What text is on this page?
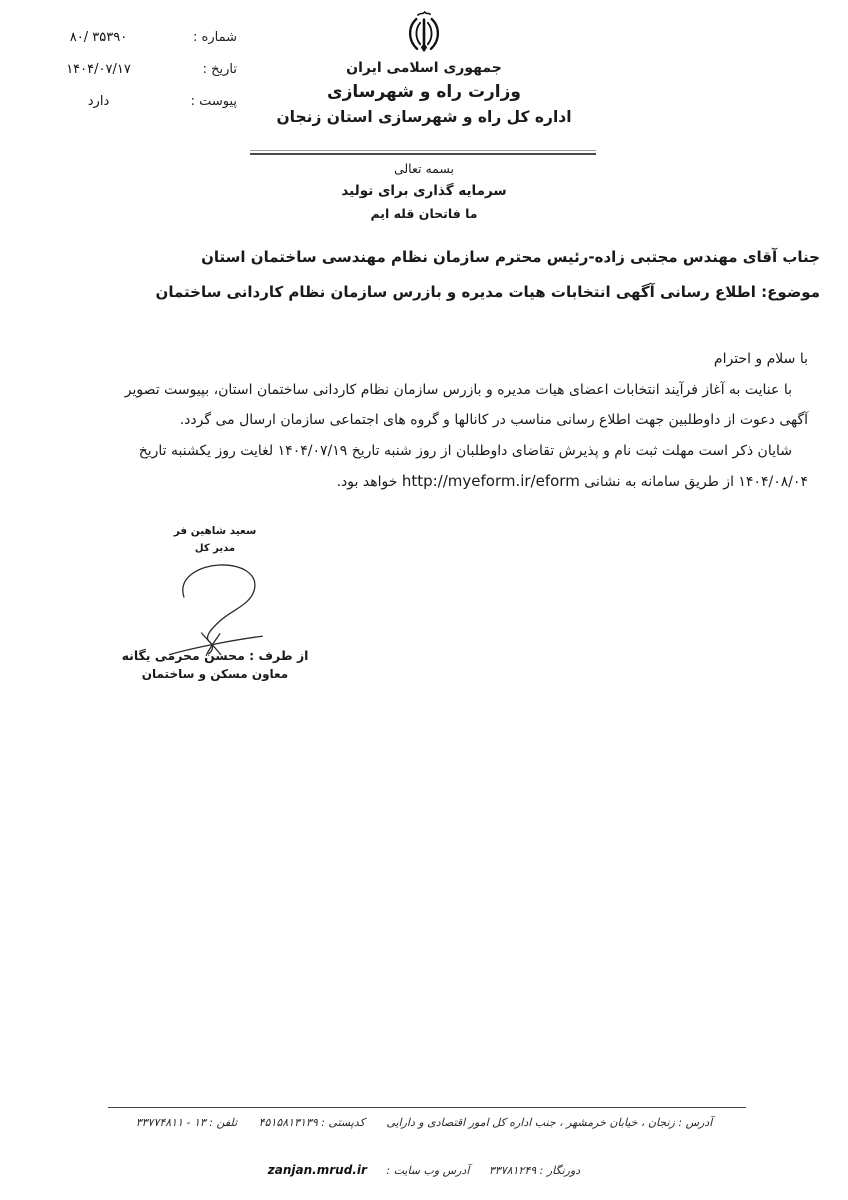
شماره :
۸۰/ ۳۵۳۹۰
تاریخ :
۱۴۰۴/۰۷/۱۷
پیوست :
دارد

جمهوری اسلامی ایران

وزارت راه و شهرسازی

اداره کل راه و شهرسازی استان زنجان

بسمه تعالی

سرمایه گذاری برای تولید

ما فاتحان قله ایم

جناب آقای مهندس مجتبی زاده-رئیس محترم سازمان نظام مهندسی ساختمان استان

موضوع: اطلاع رسانی آگهی انتخابات هیات مدیره و بازرس سازمان نظام کاردانی ساختمان

با سلام و احترام

با عنایت به آغاز فرآیند انتخابات اعضای هیات مدیره و بازرس سازمان نظام کاردانی ساختمان استان، بپیوست تصویر

آگهی دعوت از داوطلبین جهت اطلاع رسانی مناسب در کانالها و گروه های اجتماعی سازمان ارسال می گردد.

شایان ذکر است مهلت ثبت نام و پذیرش تقاضای داوطلبان از روز شنبه تاریخ ۱۴۰۴/۰۷/۱۹ لغایت روز یکشنبه تاریخ

۱۴۰۴/۰۸/۰۴ از طریق سامانه به نشانی http://myeform.ir/eform خواهد بود.

سعید شاهین فر

مدیر کل

از طرف : محسن محرمی یگانه

معاون مسکن و ساختمان

آدرس : زنجان ، خیابان خرمشهر ، جنب اداره کل امور اقتصادی و دارایی کدپستی : ۴۵۱۵۸۱۳۱۳۹ تلفن : ۱۳ - ۳۳۷۷۴۸۱۱
دورنگار : ۳۳۷۸۱۲۴۹ آدرس وب سایت : zanjan.mrud.ir
